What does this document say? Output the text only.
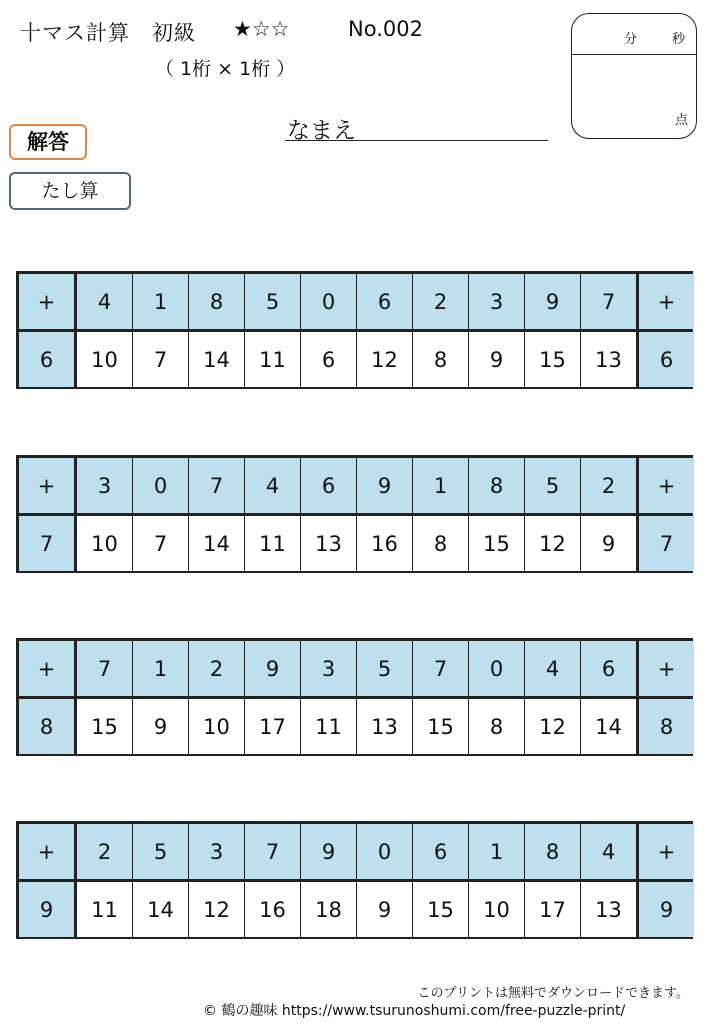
十マス計算　初級 ★☆☆	No.002
（ 1桁 × 1桁 ）
分	秒
点
解答
たし算
なまえ
+	4	1	8	5	0	6	2	3	9	7	+
6	10	7	14	11	6	12	8	9	15	13	6
+	3	0	7	4	6	9	1	8	5	2	+
7	10	7	14	11	13	16	8	15	12	9	7
+	7	1	2	9	3	5	7	0	4	6	+
8	15	9	10	17	11	13	15	8	12	14	8
+	2	5	3	7	9	0	6	1	8	4	+
9	11	14	12	16	18	9	15	10	17	13	9
このプリントは無料でダウンロードできます。
© 鶴の趣味 https://www.tsurunoshumi.com/free-puzzle-print/
